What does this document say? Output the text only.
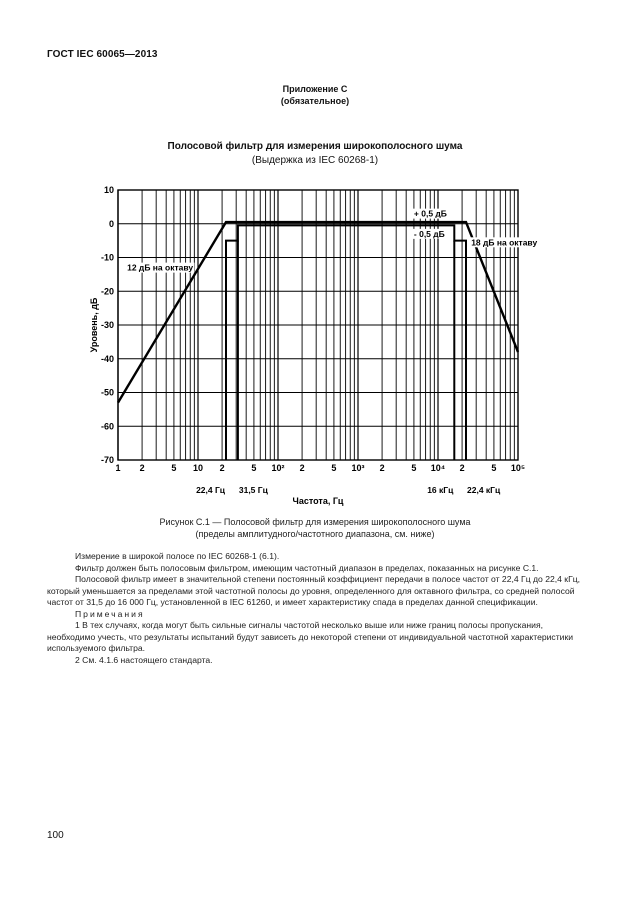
ГОСТ IEC 60065—2013
Приложение С
(обязательное)
Полосовой фильтр для измерения широкополосного шума
(Выдержка из IEC 60268-1)
10
0
-10
-20
-30
-40
-50
-60
-70
1 2	5 10 2	5 10² 2	5 10³ 2	5 10⁴ 2	5 10⁵
+ 0,5 дБ
- 0,5 дБ
12 дБ на октаву
18 дБ на октаву
22,4 Гц 31,5 Гц	16 кГц 22,4 кГц
Частота, Гц
Уровень, дБ
Рисунок С.1 — Полосовой фильтр для измерения широкополосного шума
(пределы амплитудного/частотного диапазона, см. ниже)

Измерение в широкой полосе по IEC 60268-1 (6.1).

Фильтр должен быть полосовым фильтром, имеющим частотный диапазон в пределах, показанных на рисунке С.1.

Полосовой фильтр имеет в значительной степени постоянный коэффициент передачи в полосе частот от 22,4 Гц до 22,4 кГц, который уменьшается за пределами этой частотной полосы до уровня, определенного для октавного фильтра, со средней полосой частот от 31,5 до 16 000 Гц, установленной в IEC 61260, и имеет характеристику спада в пределах данной спецификации.

Примечания

1 В тех случаях, когда могут быть сильные сигналы частотой несколько выше или ниже границ полосы пропускания, необходимо учесть, что результаты испытаний будут зависеть до некоторой степени от индивидуальной частотной характеристики используемого фильтра.

2 См. 4.1.6 настоящего стандарта.

100
